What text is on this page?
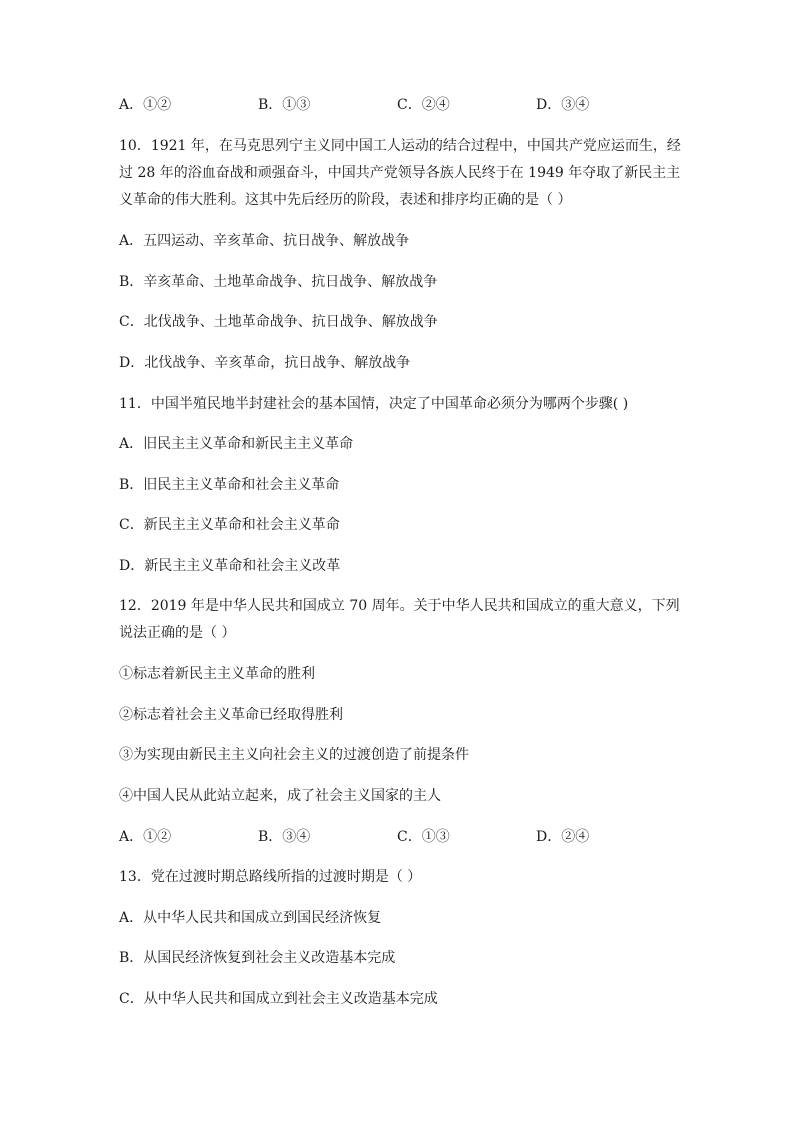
A．①②	B．①③	C．②④	D．③④
10．1921 年，在马克思列宁主义同中国工人运动的结合过程中，中国共产党应运而生，经
过 28 年的浴血奋战和顽强奋斗，中国共产党领导各族人民终于在 1949 年夺取了新民主主
义革命的伟大胜利。这其中先后经历的阶段，表述和排序均正确的是（ ）
A．五四运动、辛亥革命、抗日战争、解放战争
B．辛亥革命、土地革命战争、抗日战争、解放战争
C．北伐战争、土地革命战争、抗日战争、解放战争
D．北伐战争、辛亥革命，抗日战争、解放战争
11．中国半殖民地半封建社会的基本国情，决定了中国革命必须分为哪两个步骤( )
A．旧民主主义革命和新民主主义革命
B．旧民主主义革命和社会主义革命
C．新民主主义革命和社会主义革命
D．新民主主义革命和社会主义改革
12．2019 年是中华人民共和国成立 70 周年。关于中华人民共和国成立的重大意义，下列
说法正确的是（ ）
①标志着新民主主义革命的胜利
②标志着社会主义革命已经取得胜利
③为实现由新民主主义向社会主义的过渡创造了前提条件
④中国人民从此站立起来，成了社会主义国家的主人
A．①②	B．③④	C．①③	D．②④
13．党在过渡时期总路线所指的过渡时期是（ ）
A．从中华人民共和国成立到国民经济恢复
B．从国民经济恢复到社会主义改造基本完成
C．从中华人民共和国成立到社会主义改造基本完成
